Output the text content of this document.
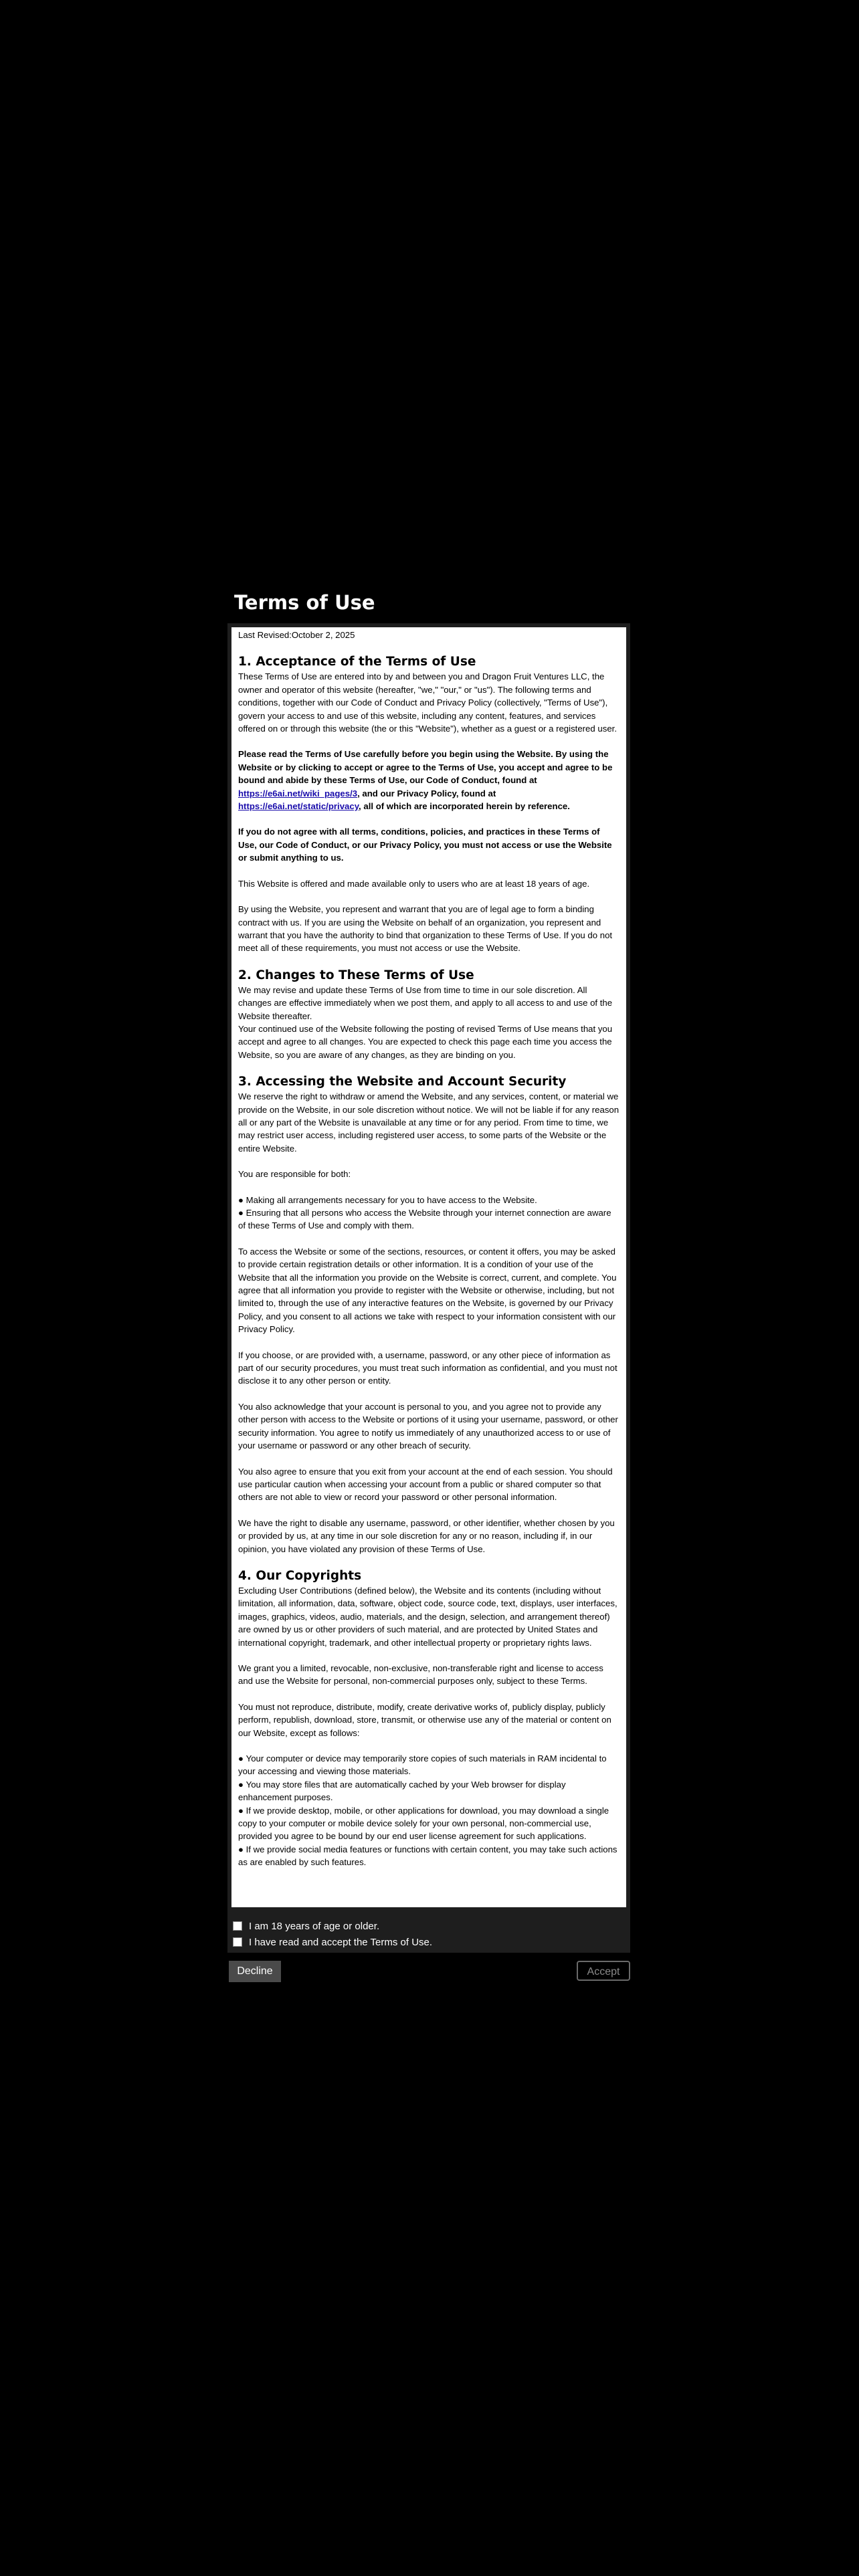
Terms of Use

Last Revised:October 2, 2025

1. Acceptance of the Terms of Use

These Terms of Use are entered into by and between you and Dragon Fruit Ventures LLC, the owner and operator of this website (hereafter, "we," "our," or "us"). The following terms and conditions, together with our Code of Conduct and Privacy Policy (collectively, "Terms of Use"), govern your access to and use of this website, including any content, features, and services offered on or through this website (the or this "Website"), whether as a guest or a registered user.

Please read the Terms of Use carefully before you begin using the Website. By using the Website or by clicking to accept or agree to the Terms of Use, you accept and agree to be bound and abide by these Terms of Use, our Code of Conduct, found at https://e6ai.net/wiki_pages/3, and our Privacy Policy, found at https://e6ai.net/static/privacy, all of which are incorporated herein by reference.

If you do not agree with all terms, conditions, policies, and practices in these Terms of Use, our Code of Conduct, or our Privacy Policy, you must not access or use the Website or submit anything to us.

This Website is offered and made available only to users who are at least 18 years of age.

By using the Website, you represent and warrant that you are of legal age to form a binding contract with us. If you are using the Website on behalf of an organization, you represent and warrant that you have the authority to bind that organization to these Terms of Use. If you do not meet all of these requirements, you must not access or use the Website.

2. Changes to These Terms of Use

We may revise and update these Terms of Use from time to time in our sole discretion. All changes are effective immediately when we post them, and apply to all access to and use of the Website thereafter.

Your continued use of the Website following the posting of revised Terms of Use means that you accept and agree to all changes. You are expected to check this page each time you access the Website, so you are aware of any changes, as they are binding on you.

3. Accessing the Website and Account Security

We reserve the right to withdraw or amend the Website, and any services, content, or material we provide on the Website, in our sole discretion without notice. We will not be liable if for any reason all or any part of the Website is unavailable at any time or for any period. From time to time, we may restrict user access, including registered user access, to some parts of the Website or the entire Website.

You are responsible for both:

● Making all arrangements necessary for you to have access to the Website.

● Ensuring that all persons who access the Website through your internet connection are aware of these Terms of Use and comply with them.

To access the Website or some of the sections, resources, or content it offers, you may be asked to provide certain registration details or other information. It is a condition of your use of the Website that all the information you provide on the Website is correct, current, and complete. You agree that all information you provide to register with the Website or otherwise, including, but not limited to, through the use of any interactive features on the Website, is governed by our Privacy Policy, and you consent to all actions we take with respect to your information consistent with our Privacy Policy.

If you choose, or are provided with, a username, password, or any other piece of information as part of our security procedures, you must treat such information as confidential, and you must not disclose it to any other person or entity.

You also acknowledge that your account is personal to you, and you agree not to provide any other person with access to the Website or portions of it using your username, password, or other security information. You agree to notify us immediately of any unauthorized access to or use of your username or password or any other breach of security.

You also agree to ensure that you exit from your account at the end of each session. You should use particular caution when accessing your account from a public or shared computer so that others are not able to view or record your password or other personal information.

We have the right to disable any username, password, or other identifier, whether chosen by you or provided by us, at any time in our sole discretion for any or no reason, including if, in our opinion, you have violated any provision of these Terms of Use.

4. Our Copyrights

Excluding User Contributions (defined below), the Website and its contents (including without limitation, all information, data, software, object code, source code, text, displays, user interfaces, images, graphics, videos, audio, materials, and the design, selection, and arrangement thereof) are owned by us or other providers of such material, and are protected by United States and international copyright, trademark, and other intellectual property or proprietary rights laws.

We grant you a limited, revocable, non-exclusive, non-transferable right and license to access and use the Website for personal, non-commercial purposes only, subject to these Terms.

You must not reproduce, distribute, modify, create derivative works of, publicly display, publicly perform, republish, download, store, transmit, or otherwise use any of the material or content on our Website, except as follows:

● Your computer or device may temporarily store copies of such materials in RAM incidental to your accessing and viewing those materials.

● You may store files that are automatically cached by your Web browser for display enhancement purposes.

● If we provide desktop, mobile, or other applications for download, you may download a single copy to your computer or mobile device solely for your own personal, non-commercial use, provided you agree to be bound by our end user license agreement for such applications.

● If we provide social media features or functions with certain content, you may take such actions as are enabled by such features.

I am 18 years of age or older.
I have read and accept the Terms of Use.
Decline	Accept
